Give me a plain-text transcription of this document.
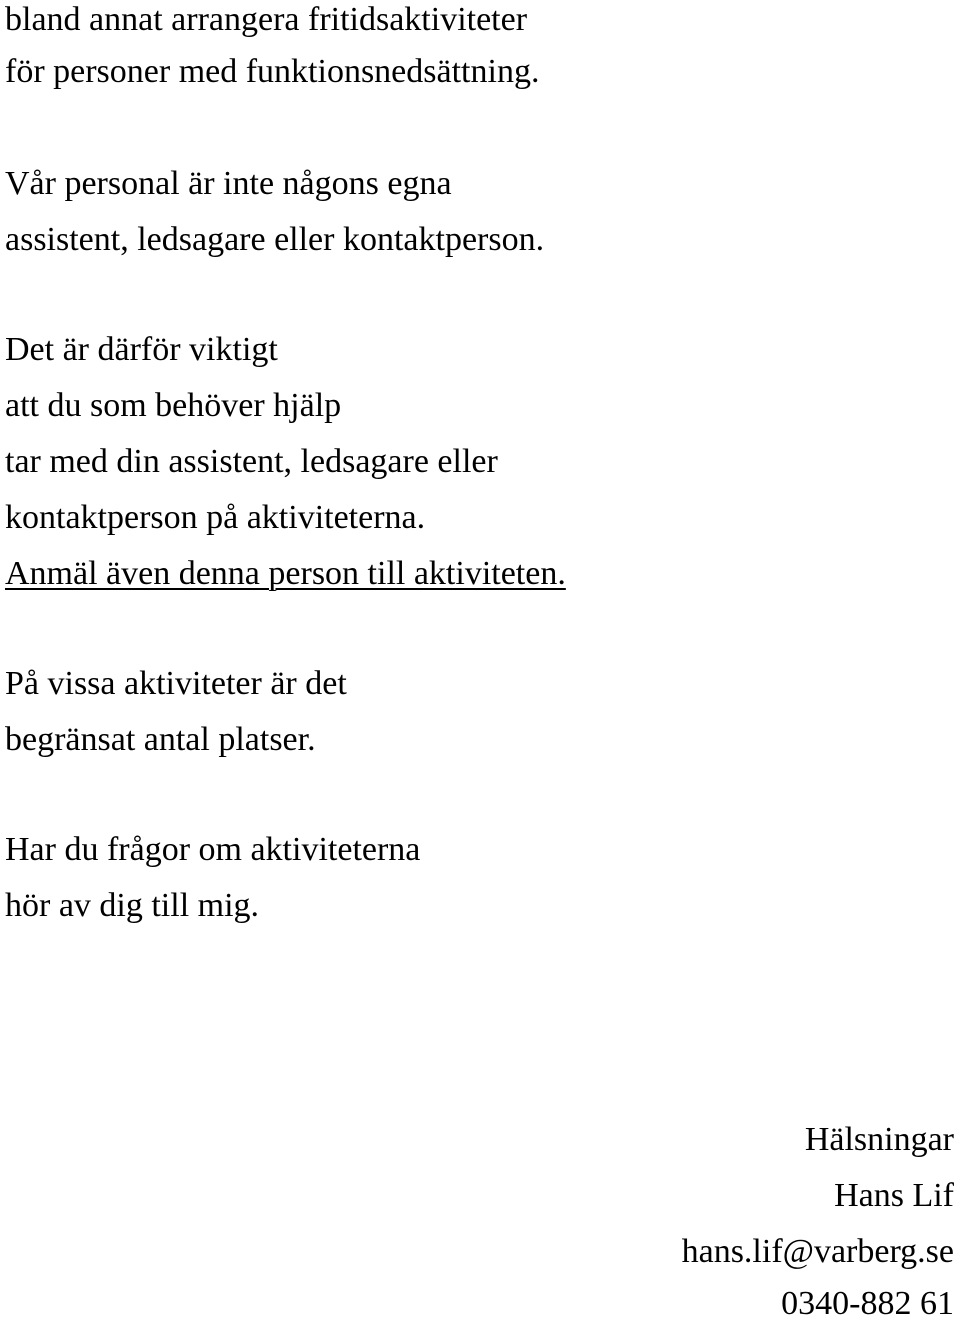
bland annat arrangera fritidsaktiviteter

för personer med funktionsnedsättning.

Vår personal är inte någons egna

assistent, ledsagare eller kontaktperson.

Det är därför viktigt

att du som behöver hjälp

tar med din assistent, ledsagare eller

kontaktperson på aktiviteterna.

Anmäl även denna person till aktiviteten.

På vissa aktiviteter är det

begränsat antal platser.

Har du frågor om aktiviteterna

hör av dig till mig.

Hälsningar

Hans Lif

hans.lif@varberg.se

0340-882 61
